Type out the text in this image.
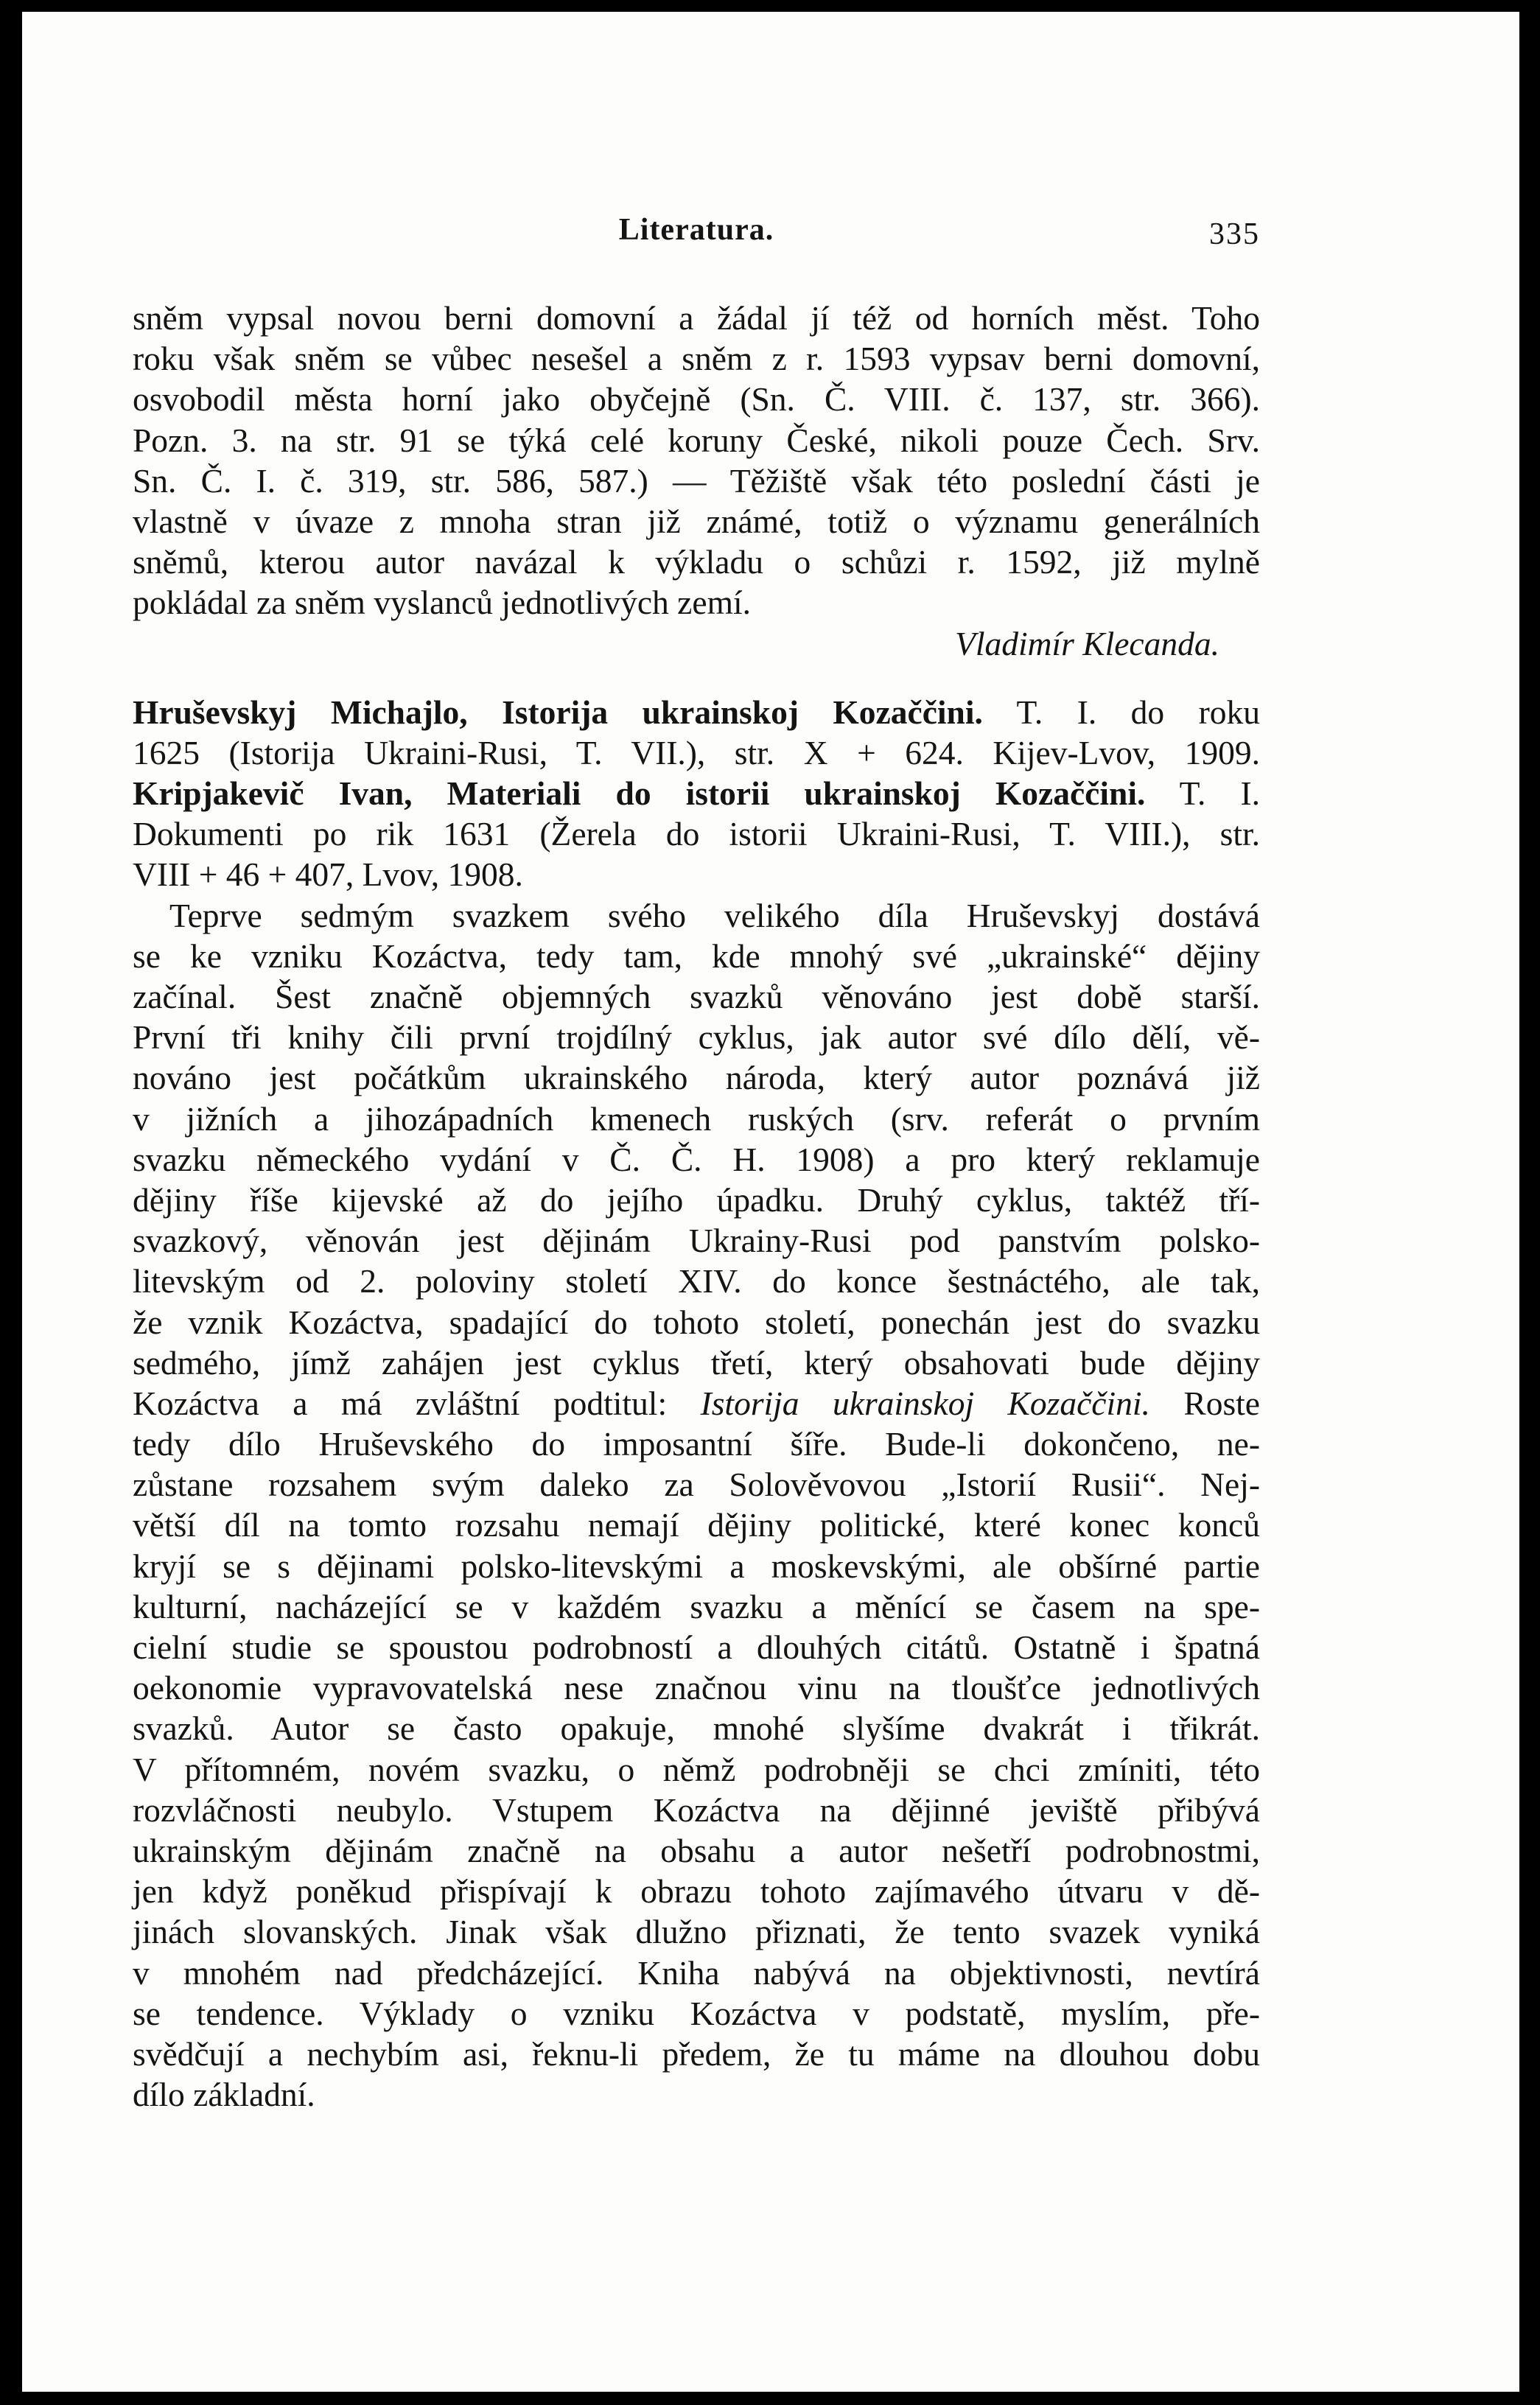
Literatura.	335
sněm vypsal novou berni domovní a žádal jí též od horních měst. Toho
roku však sněm se vůbec nesešel a sněm z r. 1593 vypsav berni domovní,
osvobodil města horní jako obyčejně (Sn. Č. VIII. č. 137, str. 366).
Pozn. 3. na str. 91 se týká celé koruny České, nikoli pouze Čech. Srv.
Sn. Č. I. č. 319, str. 586, 587.) — Těžiště však této poslední části je
vlastně v úvaze z mnoha stran již známé, totiž o významu generálních
sněmů, kterou autor navázal k výkladu o schůzi r. 1592, již mylně
pokládal za sněm vyslanců jednotlivých zemí.
Vladimír Klecanda.
Hruševskyj Michajlo, Istorija ukrainskoj Kozaččini. T. I. do roku
1625 (Istorija Ukraini-Rusi, T. VII.), str. X + 624. Kijev-Lvov, 1909.
Kripjakevič Ivan, Materiali do istorii ukrainskoj Kozaččini. T. I.
Dokumenti po rik 1631 (Žerela do istorii Ukraini-Rusi, T. VIII.), str.
VIII + 46 + 407, Lvov, 1908.
Teprve sedmým svazkem svého velikého díla Hruševskyj dostává
se ke vzniku Kozáctva, tedy tam, kde mnohý své „ukrainské“ dějiny
začínal. Šest značně objemných svazků věnováno jest době starší.
První tři knihy čili první trojdílný cyklus, jak autor své dílo dělí, vě-
nováno jest počátkům ukrainského národa, který autor poznává již
v jižních a jihozápadních kmenech ruských (srv. referát o prvním
svazku německého vydání v Č. Č. H. 1908) a pro který reklamuje
dějiny říše kijevské až do jejího úpadku. Druhý cyklus, taktéž tří-
svazkový, věnován jest dějinám Ukrainy-Rusi pod panstvím polsko-
litevským od 2. poloviny století XIV. do konce šestnáctého, ale tak,
že vznik Kozáctva, spadající do tohoto století, ponechán jest do svazku
sedmého, jímž zahájen jest cyklus třetí, který obsahovati bude dějiny
Kozáctva a má zvláštní podtitul: Istorija ukrainskoj Kozaččini. Roste
tedy dílo Hruševského do imposantní šíře. Bude-li dokončeno, ne-
zůstane rozsahem svým daleko za Solověvovou „Istorií Rusii“. Nej-
větší díl na tomto rozsahu nemají dějiny politické, které konec konců
kryjí se s dějinami polsko-litevskými a moskevskými, ale obšírné partie
kulturní, nacházející se v každém svazku a měnící se časem na spe-
cielní studie se spoustou podrobností a dlouhých citátů. Ostatně i špatná
oekonomie vypravovatelská nese značnou vinu na tloušťce jednotlivých
svazků. Autor se často opakuje, mnohé slyšíme dvakrát i třikrát.
V přítomném, novém svazku, o němž podrobněji se chci zmíniti, této
rozvláčnosti neubylo. Vstupem Kozáctva na dějinné jeviště přibývá
ukrainským dějinám značně na obsahu a autor nešetří podrobnostmi,
jen když poněkud přispívají k obrazu tohoto zajímavého útvaru v dě-
jinách slovanských. Jinak však dlužno přiznati, že tento svazek vyniká
v mnohém nad předcházející. Kniha nabývá na objektivnosti, nevtírá
se tendence. Výklady o vzniku Kozáctva v podstatě, myslím, pře-
svědčují a nechybím asi, řeknu-li předem, že tu máme na dlouhou dobu
dílo základní.
